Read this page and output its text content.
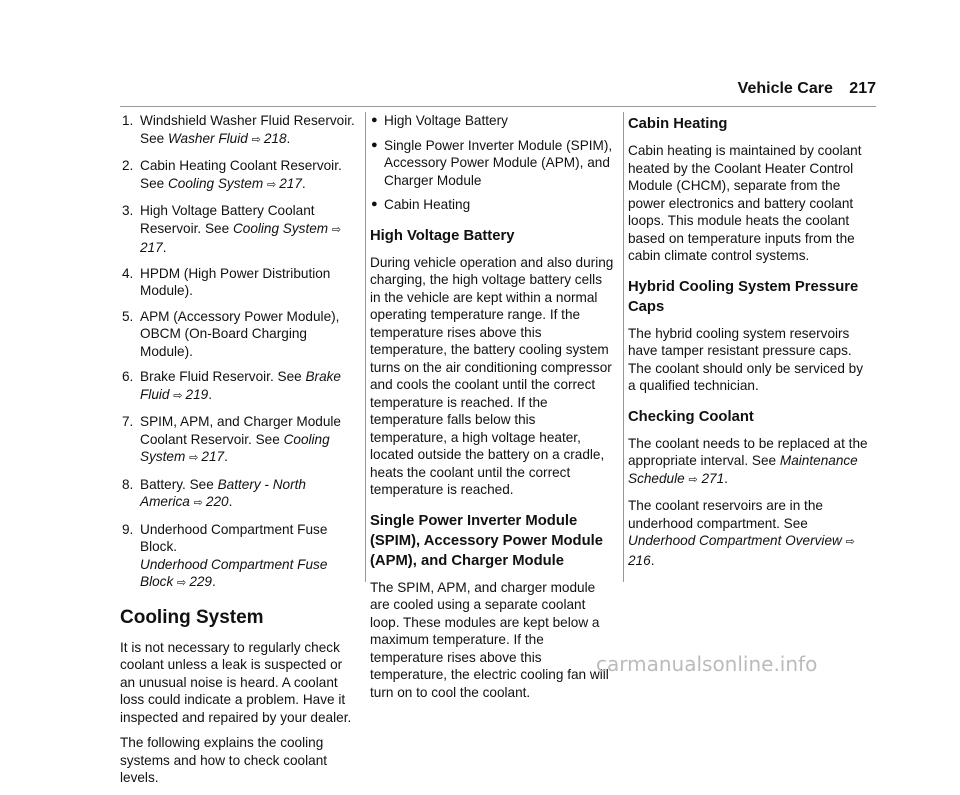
Vehicle Care 217
1. Windshield Washer Fluid Reservoir. See Washer Fluid ⇨ 218.
2. Cabin Heating Coolant Reservoir. See Cooling System ⇨ 217.
3. High Voltage Battery Coolant Reservoir. See Cooling System ⇨ 217.
4. HPDM (High Power Distribution Module).
5. APM (Accessory Power Module), OBCM (On-Board Charging Module).
6. Brake Fluid Reservoir. See Brake Fluid ⇨ 219.
7. SPIM, APM, and Charger Module Coolant Reservoir. See Cooling System ⇨ 217.
8. Battery. See Battery - North America ⇨ 220.
9. Underhood Compartment Fuse Block.
Underhood Compartment Fuse Block ⇨ 229.
Cooling System

It is not necessary to regularly check coolant unless a leak is suspected or an unusual noise is heard. A coolant loss could indicate a problem. Have it inspected and repaired by your dealer.

The following explains the cooling systems and how to check coolant levels.

● High Voltage Battery
● Single Power Inverter Module (SPIM), Accessory Power Module (APM), and Charger Module
● Cabin Heating
High Voltage Battery

During vehicle operation and also during charging, the high voltage battery cells in the vehicle are kept within a normal operating temperature range. If the temperature rises above this temperature, the battery cooling system turns on the air conditioning compressor and cools the coolant until the correct temperature is reached. If the temperature falls below this temperature, a high voltage heater, located outside the battery on a cradle, heats the coolant until the correct temperature is reached.

Single Power Inverter Module (SPIM), Accessory Power Module (APM), and Charger Module

The SPIM, APM, and charger module are cooled using a separate coolant loop. These modules are kept below a maximum temperature. If the temperature rises above this temperature, the electric cooling fan will turn on to cool the coolant.

Cabin Heating

Cabin heating is maintained by coolant heated by the Coolant Heater Control Module (CHCM), separate from the power electronics and battery coolant loops. This module heats the coolant based on temperature inputs from the cabin climate control systems.

Hybrid Cooling System Pressure Caps

The hybrid cooling system reservoirs have tamper resistant pressure caps. The coolant should only be serviced by a qualified technician.

Checking Coolant

The coolant needs to be replaced at the appropriate interval. See Maintenance Schedule ⇨ 271.

The coolant reservoirs are in the underhood compartment. See Underhood Compartment Overview ⇨ 216.

carmanualsonline.info
